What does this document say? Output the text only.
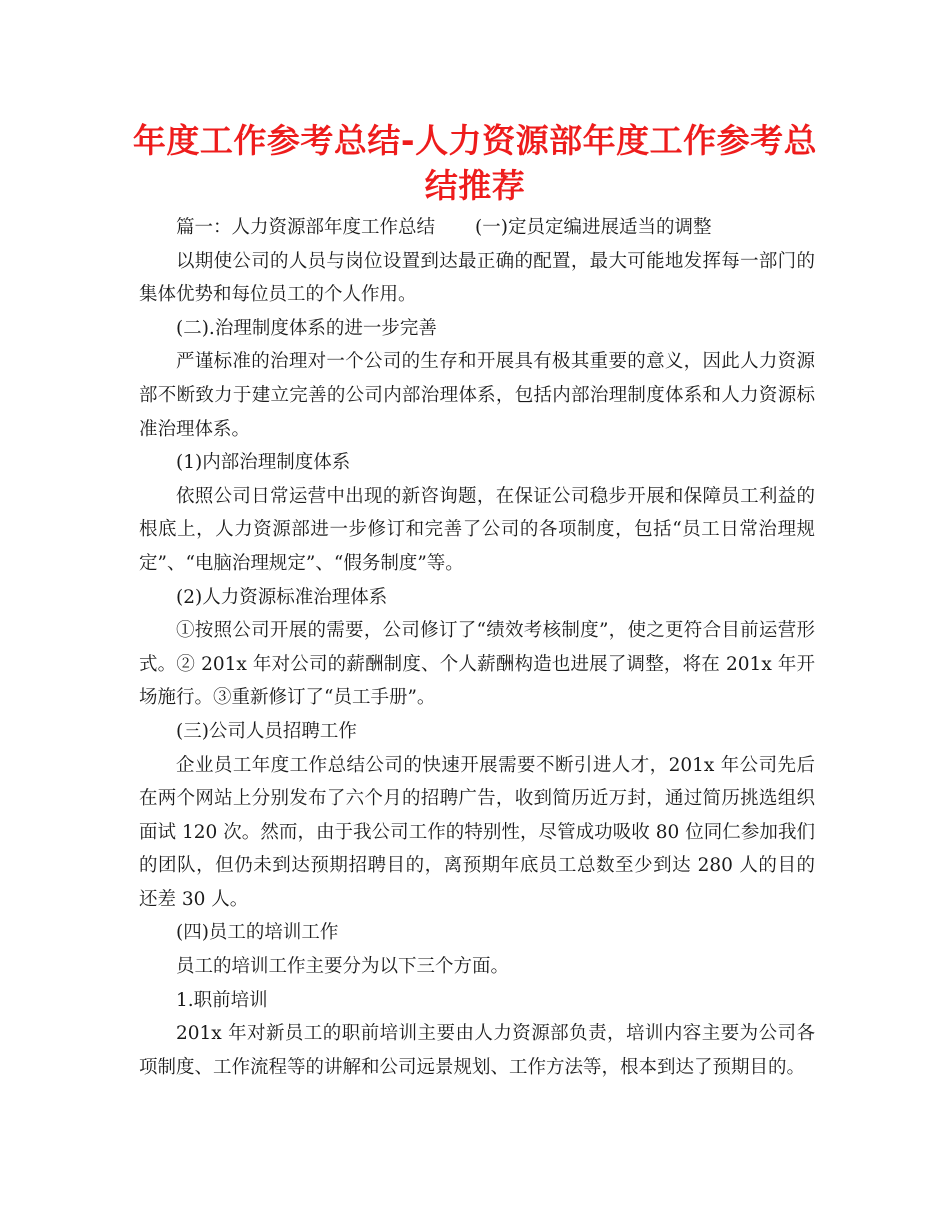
年度工作参考总结-人力资源部年度工作参考总结推荐

篇一：人力资源部年度工作总结 (一)定员定编进展适当的调整

以期使公司的人员与岗位设置到达最正确的配置，最大可能地发挥每一部门的集体优势和每位员工的个人作用。

(二).治理制度体系的进一步完善

严谨标准的治理对一个公司的生存和开展具有极其重要的意义，因此人力资源部不断致力于建立完善的公司内部治理体系，包括内部治理制度体系和人力资源标准治理体系。

(1)内部治理制度体系

依照公司日常运营中出现的新咨询题，在保证公司稳步开展和保障员工利益的根底上，人力资源部进一步修订和完善了公司的各项制度，包括“员工日常治理规定”、“电脑治理规定”、“假务制度”等。

(2)人力资源标准治理体系

①按照公司开展的需要，公司修订了“绩效考核制度”，使之更符合目前运营形式。② 201x 年对公司的薪酬制度、个人薪酬构造也进展了调整，将在 201x 年开场施行。③重新修订了“员工手册”。

(三)公司人员招聘工作

企业员工年度工作总结公司的快速开展需要不断引进人才，201x 年公司先后在两个网站上分别发布了六个月的招聘广告，收到简历近万封，通过简历挑选组织面试 120 次。然而，由于我公司工作的特别性，尽管成功吸收 80 位同仁参加我们的团队，但仍未到达预期招聘目的，离预期年底员工总数至少到达 280 人的目的还差 30 人。

(四)员工的培训工作

员工的培训工作主要分为以下三个方面。

1.职前培训

201x 年对新员工的职前培训主要由人力资源部负责，培训内容主要为公司各项制度、工作流程等的讲解和公司远景规划、工作方法等，根本到达了预期目的。
